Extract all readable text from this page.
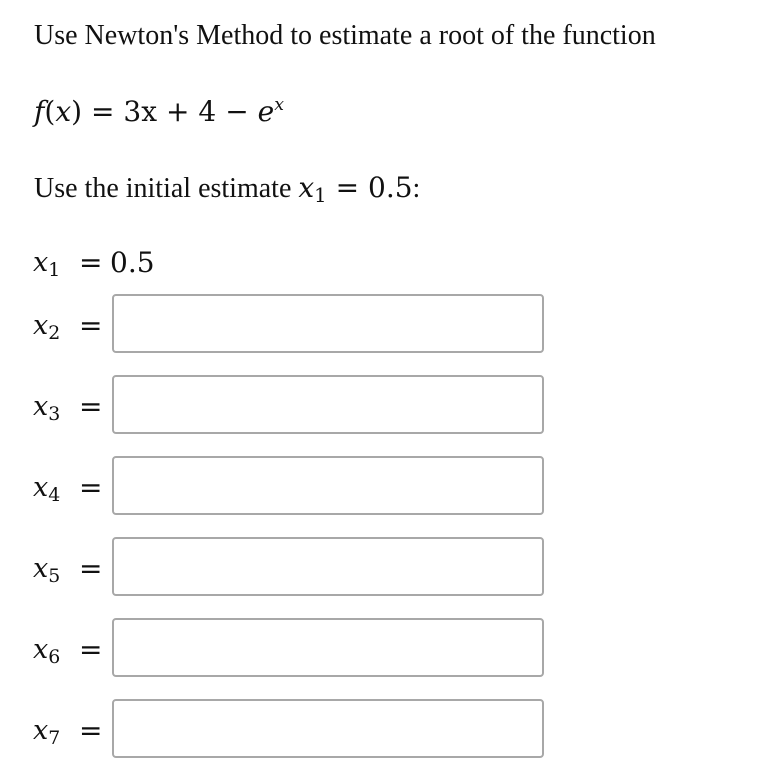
Use Newton's Method to estimate a root of the function
$f(x) = 3x + 4 - e^x$
Use the initial estimate x1 = 0.5:
x1 = 0.5
x2 =
x3 =
x4 =
x5 =
x6 =
x7 =
